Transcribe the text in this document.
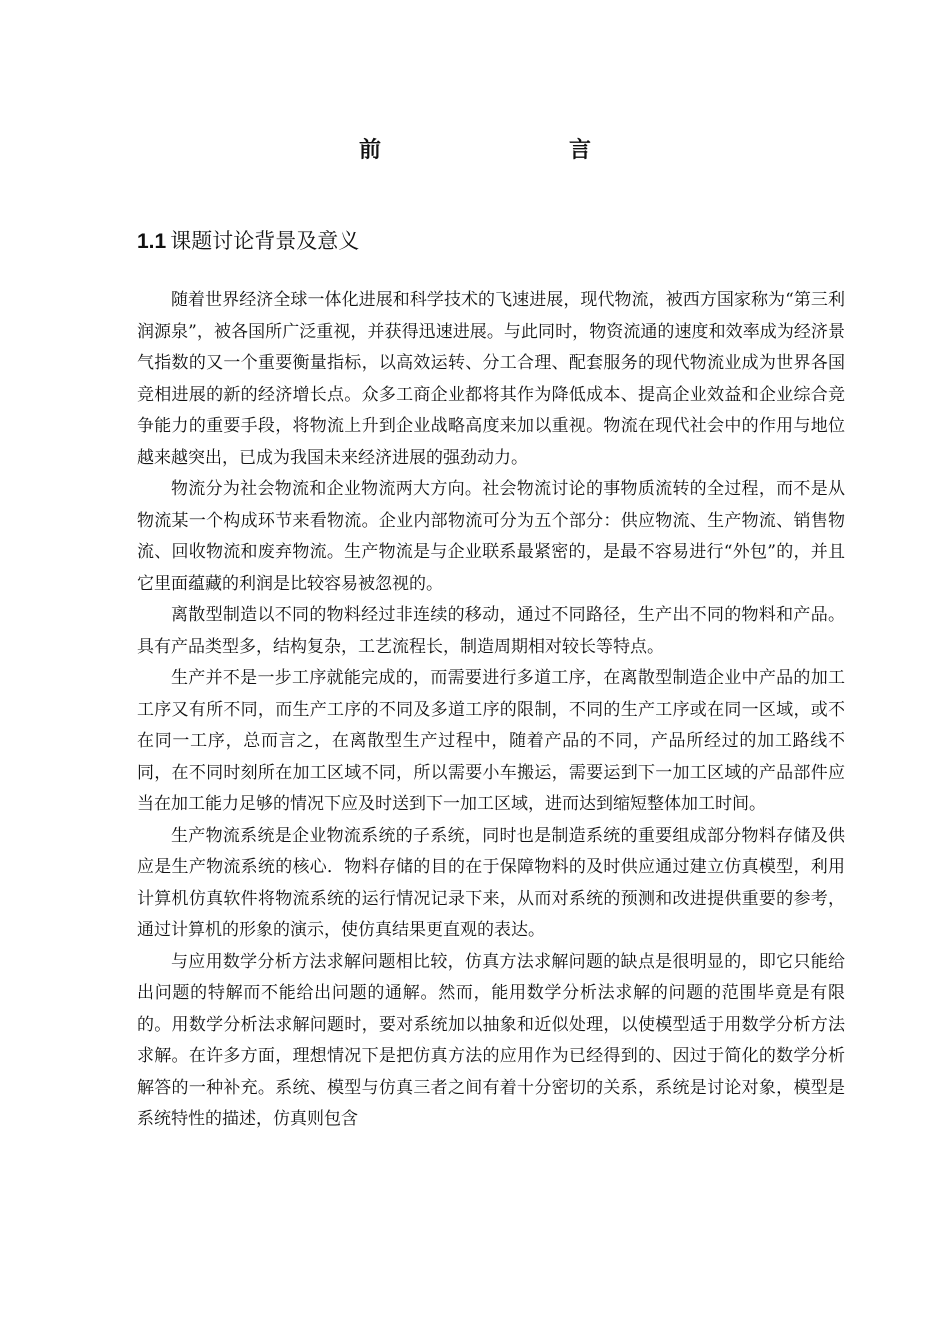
前　　言
1.1 课题讨论背景及意义

随着世界经济全球一体化进展和科学技术的飞速进展，现代物流，被西方国家称为“第三利润源泉”，被各国所广泛重视，并获得迅速进展。与此同时，物资流通的速度和效率成为经济景气指数的又一个重要衡量指标，以高效运转、分工合理、配套服务的现代物流业成为世界各国竞相进展的新的经济增长点。众多工商企业都将其作为降低成本、提高企业效益和企业综合竞争能力的重要手段，将物流上升到企业战略高度来加以重视。物流在现代社会中的作用与地位越来越突出，已成为我国未来经济进展的强劲动力。

物流分为社会物流和企业物流两大方向。社会物流讨论的事物质流转的全过程，而不是从物流某一个构成环节来看物流。企业内部物流可分为五个部分：供应物流、生产物流、销售物流、回收物流和废弃物流。生产物流是与企业联系最紧密的，是最不容易进行“外包”的，并且它里面蕴藏的利润是比较容易被忽视的。

离散型制造以不同的物料经过非连续的移动，通过不同路径，生产出不同的物料和产品。具有产品类型多，结构复杂，工艺流程长，制造周期相对较长等特点。

生产并不是一步工序就能完成的，而需要进行多道工序，在离散型制造企业中产品的加工工序又有所不同，而生产工序的不同及多道工序的限制，不同的生产工序或在同一区域，或不在同一工序，总而言之，在离散型生产过程中，随着产品的不同，产品所经过的加工路线不同，在不同时刻所在加工区域不同，所以需要小车搬运，需要运到下一加工区域的产品部件应当在加工能力足够的情况下应及时送到下一加工区域，进而达到缩短整体加工时间。

生产物流系统是企业物流系统的子系统，同时也是制造系统的重要组成部分物料存储及供应是生产物流系统的核心．物料存储的目的在于保障物料的及时供应通过建立仿真模型，利用计算机仿真软件将物流系统的运行情况记录下来，从而对系统的预测和改进提供重要的参考，通过计算机的形象的演示，使仿真结果更直观的表达。

与应用数学分析方法求解问题相比较，仿真方法求解问题的缺点是很明显的，即它只能给出问题的特解而不能给出问题的通解。然而，能用数学分析法求解的问题的范围毕竟是有限的。用数学分析法求解问题时，要对系统加以抽象和近似处理，以使模型适于用数学分析方法求解。在许多方面，理想情况下是把仿真方法的应用作为已经得到的、因过于简化的数学分析解答的一种补充。系统、模型与仿真三者之间有着十分密切的关系，系统是讨论对象，模型是系统特性的描述，仿真则包含
